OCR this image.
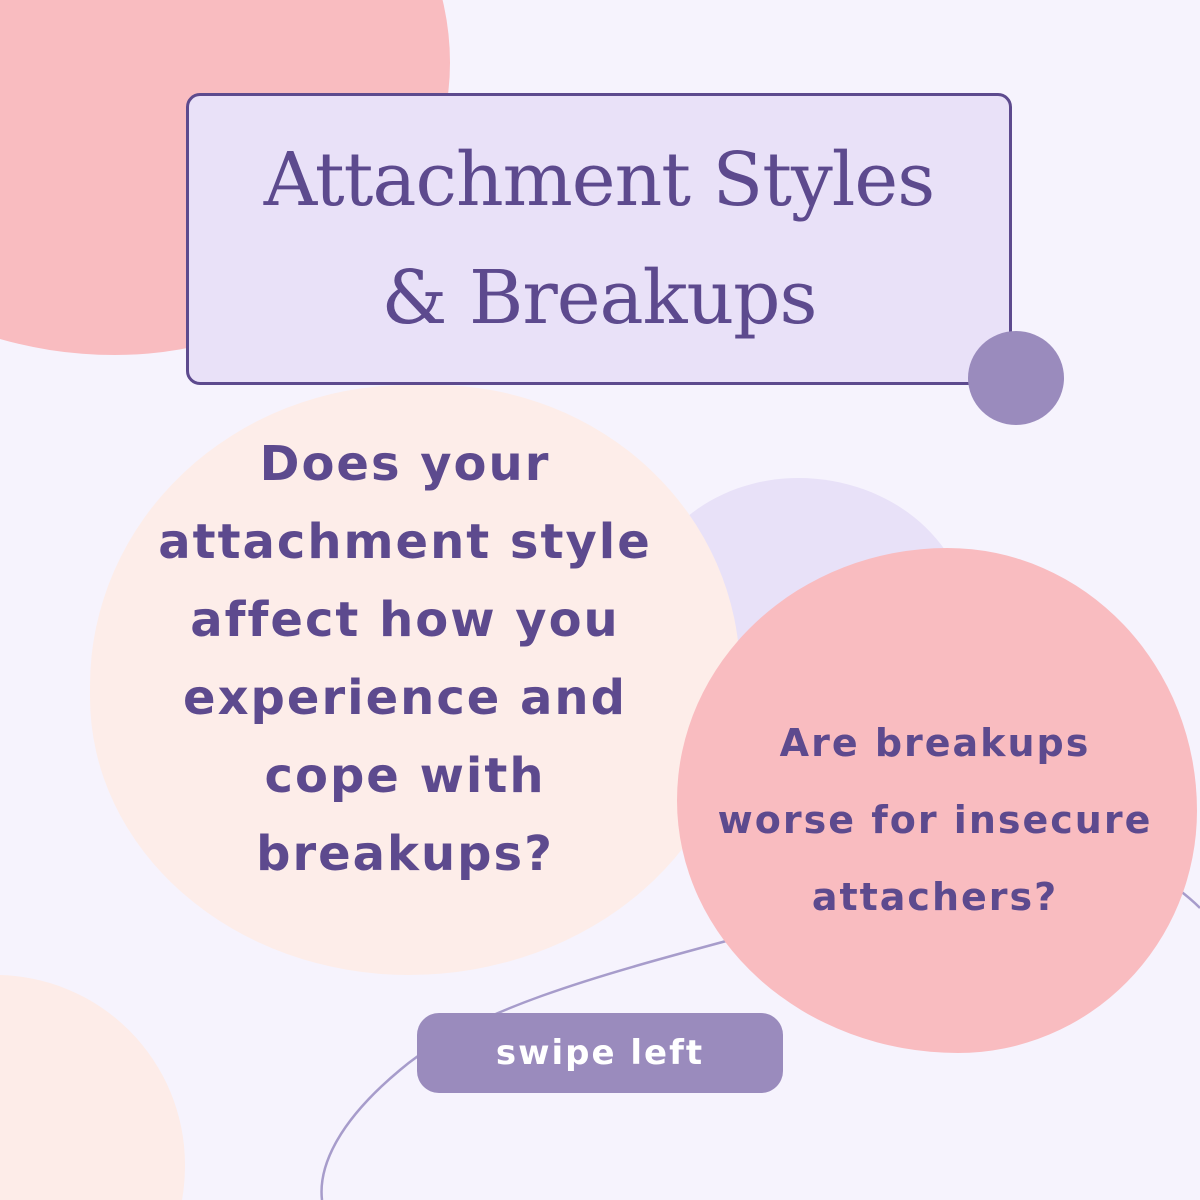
Attachment Styles
& Breakups

Does your
attachment style
affect how you
experience and
cope with
breakups?

Are breakups
worse for insecure
attachers?

swipe left
